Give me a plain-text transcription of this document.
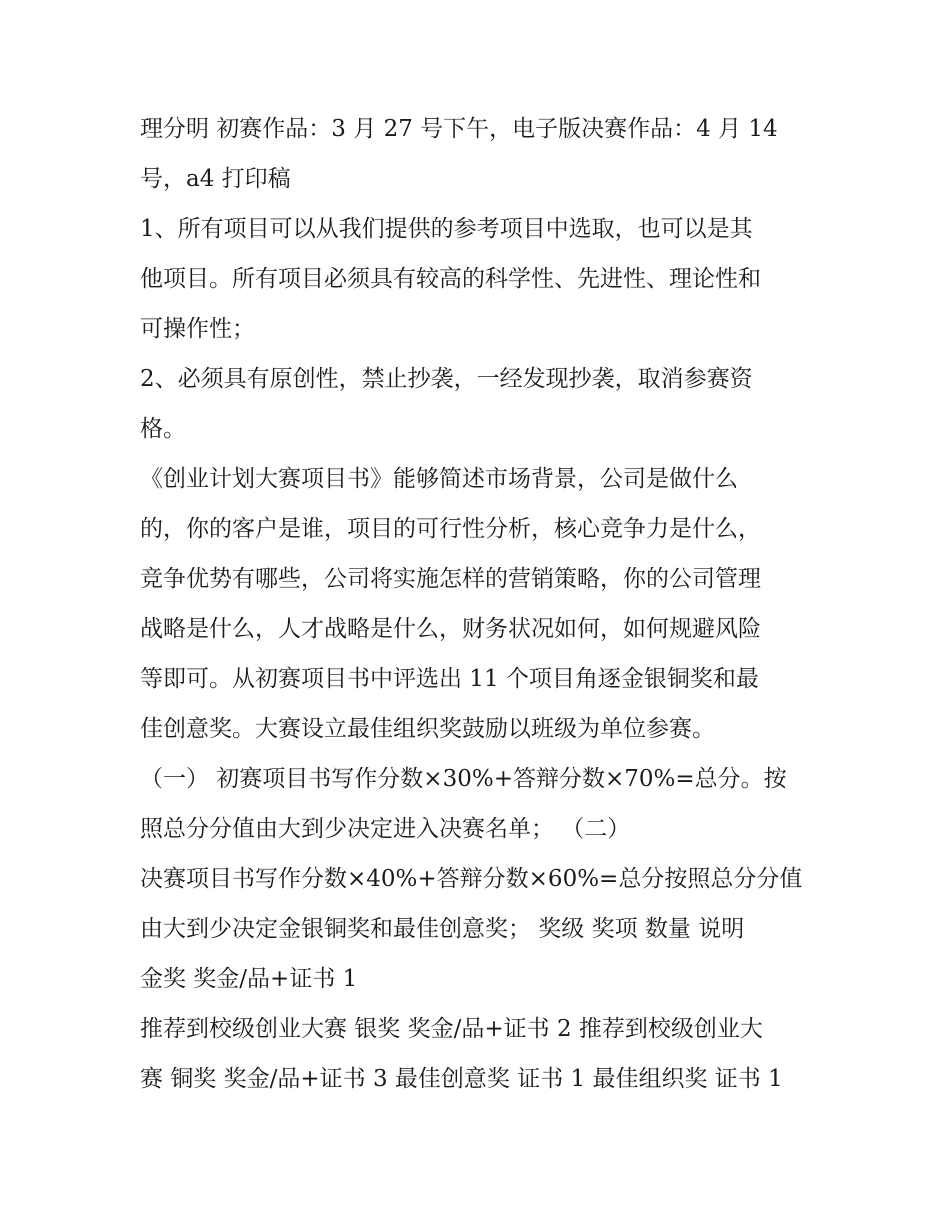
理分明 初赛作品：3 月 27 号下午，电子版决赛作品：4 月 14
号，a4 打印稿
1、所有项目可以从我们提供的参考项目中选取，也可以是其
他项目。所有项目必须具有较高的科学性、先进性、理论性和
可操作性；
2、必须具有原创性，禁止抄袭，一经发现抄袭，取消参赛资
格。
《创业计划大赛项目书》能够简述市场背景，公司是做什么
的，你的客户是谁，项目的可行性分析，核心竞争力是什么，
竞争优势有哪些，公司将实施怎样的营销策略，你的公司管理
战略是什么，人才战略是什么，财务状况如何，如何规避风险
等即可。从初赛项目书中评选出 11 个项目角逐金银铜奖和最
佳创意奖。大赛设立最佳组织奖鼓励以班级为单位参赛。
（一） 初赛项目书写作分数×30%+答辩分数×70%=总分。按
照总分分值由大到少决定进入决赛名单； （二）
决赛项目书写作分数×40%+答辩分数×60%=总分按照总分分值
由大到少决定金银铜奖和最佳创意奖； 奖级 奖项 数量 说明
金奖 奖金/品+证书 1
推荐到校级创业大赛 银奖 奖金/品+证书 2 推荐到校级创业大
赛 铜奖 奖金/品+证书 3 最佳创意奖 证书 1 最佳组织奖 证书 1
